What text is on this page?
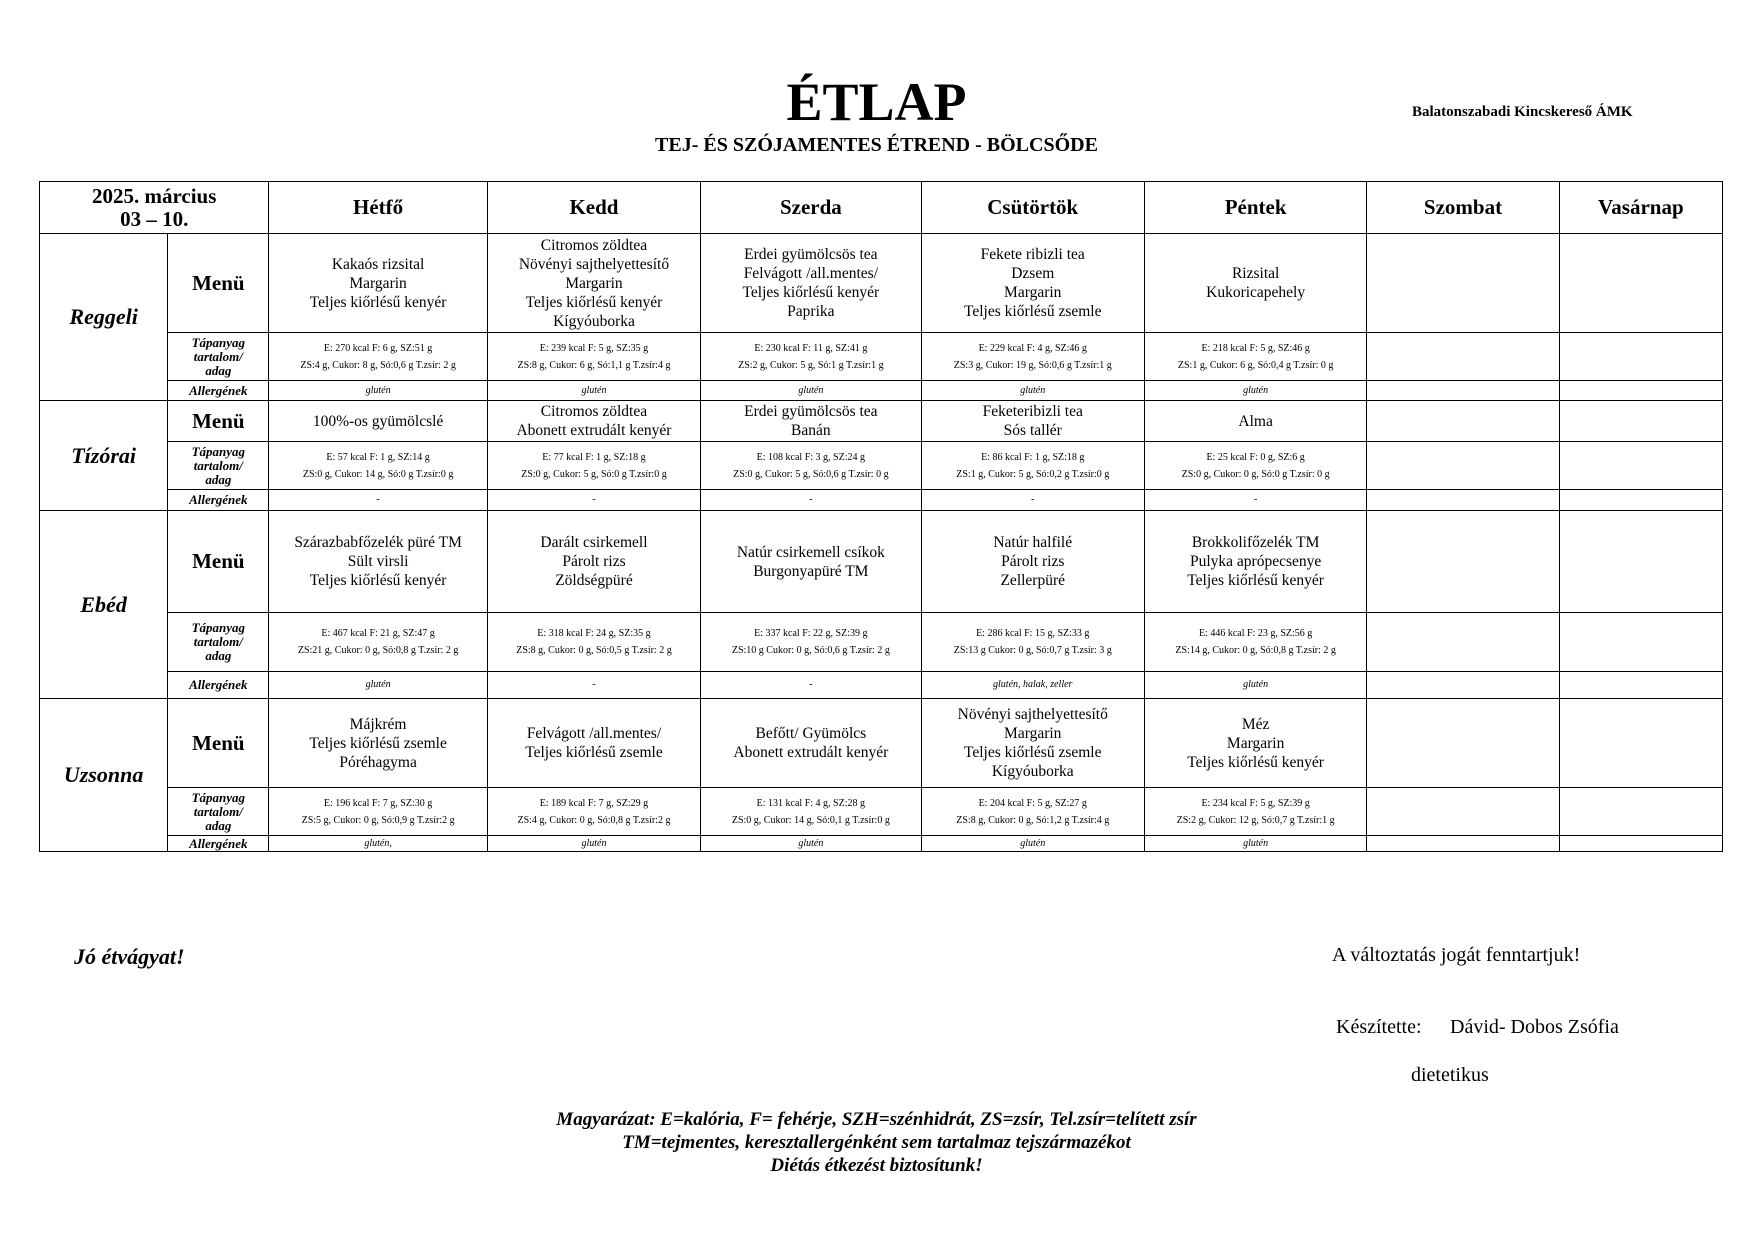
ÉTLAP
TEJ- ÉS SZÓJAMENTES ÉTREND - BÖLCSŐDE
Balatonszabadi Kincskereső ÁMK
2025. március
03 – 10.		Hétfő	Kedd	Szerda	Csütörtök	Péntek	Szombat	Vasárnap
Reggeli	Menü	Kakaós rizsital
Margarin
Teljes kiőrlésű kenyér	Citromos zöldtea
Növényi sajthelyettesítő
Margarin
Teljes kiőrlésű kenyér
Kígyóuborka	Erdei gyümölcsös tea
Felvágott /all.mentes/
Teljes kiőrlésű kenyér
Paprika	Fekete ribizli tea
Dzsem
Margarin
Teljes kiőrlésű zsemle	Rizsital
Kukoricapehely		

	Tápanyag
tartalom/
adag	E: 270 kcal F: 6 g, SZ:51 g
ZS:4 g, Cukor: 8 g, Só:0,6 g T.zsír: 2 g	E: 239 kcal F: 5 g, SZ:35 g
ZS:8 g, Cukor: 6 g, Só:1,1 g T.zsír:4 g	E: 230 kcal F: 11 g, SZ:41 g
ZS:2 g, Cukor: 5 g, Só:1 g T.zsír:1 g	E: 229 kcal F: 4 g, SZ:46 g
ZS:3 g, Cukor: 19 g, Só:0,6 g T.zsír:1 g	E: 218 kcal F: 5 g, SZ:46 g
ZS:1 g, Cukor: 6 g, Só:0,4 g T.zsír: 0 g		

	Allergének	glutén	glutén	glutén	glutén	glutén		
Tízórai	Menü	100%-os gyümölcslé	Citromos zöldtea
Abonett extrudált kenyér	Erdei gyümölcsös tea
Banán	Feketeribizli tea
Sós tallér	Alma		

	Tápanyag
tartalom/
adag	E: 57 kcal F: 1 g, SZ:14 g
ZS:0 g, Cukor: 14 g, Só:0 g T.zsír:0 g	E: 77 kcal F: 1 g, SZ:18 g
ZS:0 g, Cukor: 5 g, Só:0 g T.zsír:0 g	E: 108 kcal F: 3 g, SZ:24 g
ZS:0 g, Cukor: 5 g, Só:0,6 g T.zsír: 0 g	E: 86 kcal F: 1 g, SZ:18 g
ZS:1 g, Cukor: 5 g, Só:0,2 g T.zsír:0 g	E: 25 kcal F: 0 g, SZ:6 g
ZS:0 g, Cukor: 0 g, Só:0 g T.zsír: 0 g		

	Allergének	-	-	-	-	-		
Ebéd	Menü	Szárazbabfőzelék püré TM
Sült virsli
Teljes kiőrlésű kenyér	Darált csirkemell
Párolt rizs
Zöldségpüré	Natúr csirkemell csíkok
Burgonyapüré TM	Natúr halfilé
Párolt rizs
Zellerpüré	Brokkolifőzelék TM
Pulyka aprópecsenye
Teljes kiőrlésű kenyér		

	Tápanyag
tartalom/
adag	E: 467 kcal F: 21 g, SZ:47 g
ZS:21 g, Cukor: 0 g, Só:0,8 g T.zsír: 2 g	E: 318 kcal F: 24 g, SZ:35 g
ZS:8 g, Cukor: 0 g, Só:0,5 g T.zsír: 2 g	E: 337 kcal F: 22 g, SZ:39 g
ZS:10 g Cukor: 0 g, Só:0,6 g T.zsír: 2 g	E: 286 kcal F: 15 g, SZ:33 g
ZS:13 g Cukor: 0 g, Só:0,7 g T.zsír: 3 g	E: 446 kcal F: 23 g, SZ:56 g
ZS:14 g, Cukor: 0 g, Só:0,8 g T.zsír: 2 g		

	Allergének	glutén	-	-	glutén, halak, zeller	glutén		
Uzsonna	Menü	Májkrém
Teljes kiőrlésű zsemle
Póréhagyma	Felvágott /all.mentes/
Teljes kiőrlésű zsemle	Befőtt/ Gyümölcs
Abonett extrudált kenyér	Növényi sajthelyettesítő
Margarin
Teljes kiőrlésű zsemle
Kígyóuborka	Méz
Margarin
Teljes kiőrlésű kenyér		

	Tápanyag
tartalom/
adag	E: 196 kcal F: 7 g, SZ:30 g
ZS:5 g, Cukor: 0 g, Só:0,9 g T.zsír:2 g	E: 189 kcal F: 7 g, SZ:29 g
ZS:4 g, Cukor: 0 g, Só:0,8 g T.zsír:2 g	E: 131 kcal F: 4 g, SZ:28 g
ZS:0 g, Cukor: 14 g, Só:0,1 g T.zsír:0 g	E: 204 kcal F: 5 g, SZ:27 g
ZS:8 g, Cukor: 0 g, Só:1,2 g T.zsír:4 g	E: 234 kcal F: 5 g, SZ:39 g
ZS:2 g, Cukor: 12 g, Só:0,7 g T.zsír:1 g		

	Allergének	glutén,	glutén	glutén	glutén	glutén		
Jó étvágyat!	A változtatás jogát fenntartjuk!
Készítette: Dávid- Dobos Zsófia
dietetikus
Magyarázat: E=kalória, F= fehérje, SZH=szénhidrát, ZS=zsír, Tel.zsír=telített zsír
TM=tejmentes, keresztallergénként sem tartalmaz tejszármazékot
Diétás étkezést biztosítunk!
